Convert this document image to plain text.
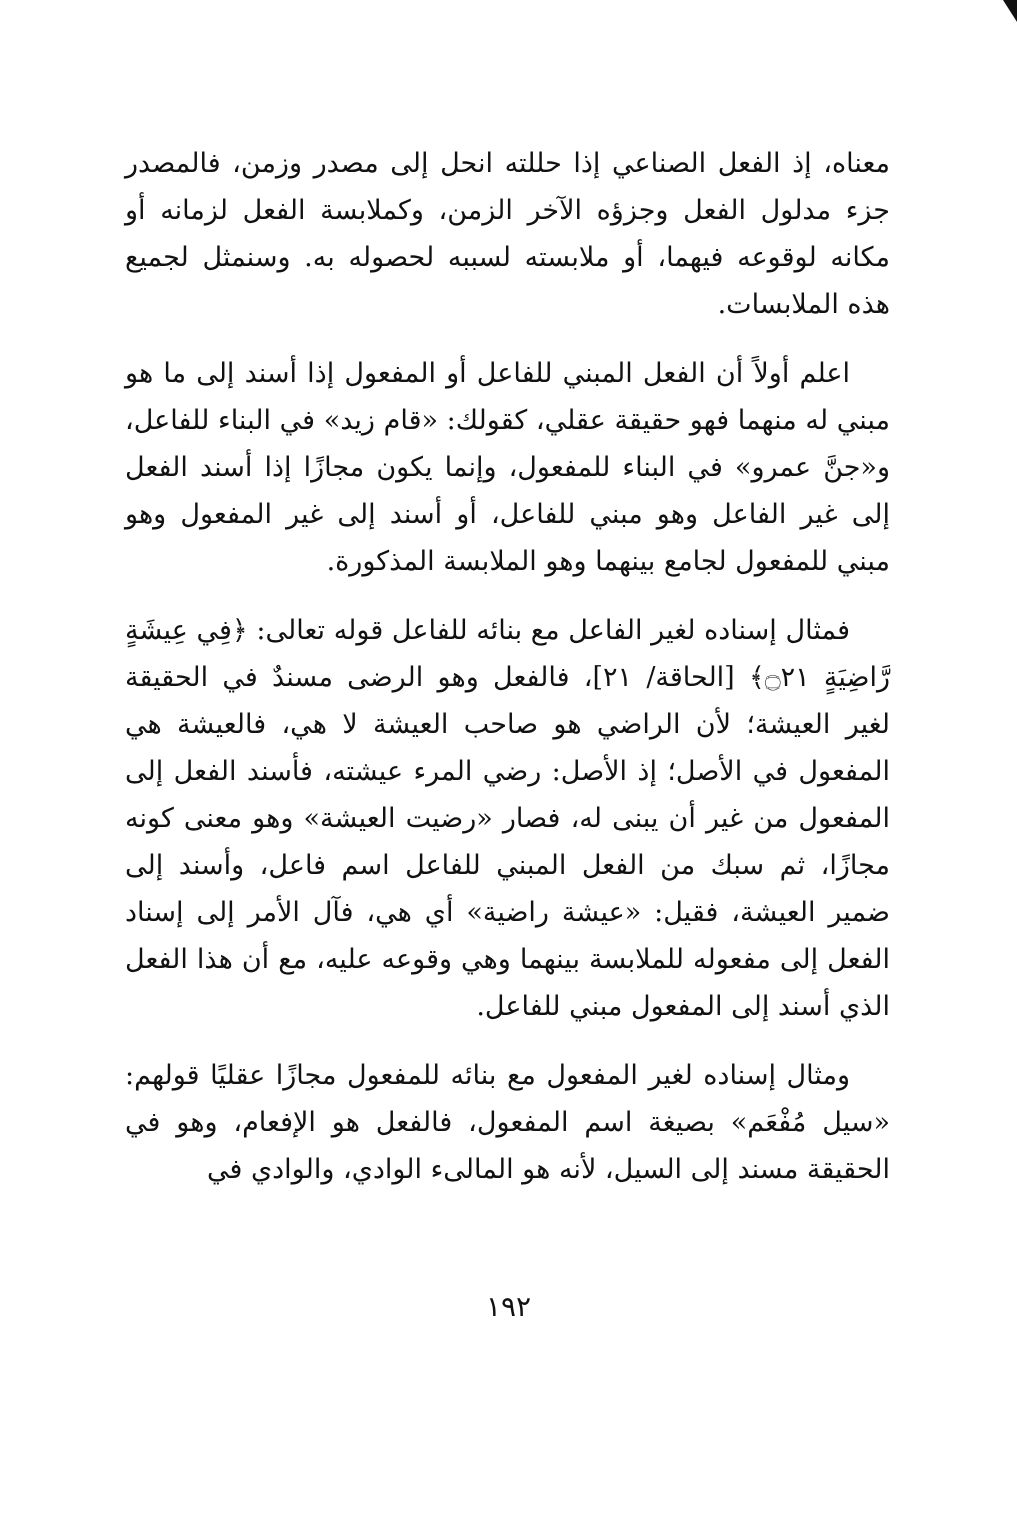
معناه، إذ الفعل الصناعي إذا حللته انحل إلى مصدر وزمن، فالمصدر جزء مدلول الفعل وجزؤه الآخر الزمن، وكملابسة الفعل لزمانه أو مكانه لوقوعه فيهما، أو ملابسته لسببه لحصوله به. وسنمثل لجميع هذه الملابسات.

اعلم أولاً أن الفعل المبني للفاعل أو المفعول إذا أسند إلى ما هو مبني له منهما فهو حقيقة عقلي، كقولك: «قام زيد» في البناء للفاعل، و«جنَّ عمرو» في البناء للمفعول، وإنما يكون مجازًا إذا أسند الفعل إلى غير الفاعل وهو مبني للفاعل، أو أسند إلى غير المفعول وهو مبني للمفعول لجامع بينهما وهو الملابسة المذكورة.

فمثال إسناده لغير الفاعل مع بنائه للفاعل قوله تعالى: ﴿فِي عِيشَةٍ رَّاضِيَةٍ ۝٢١﴾ [الحاقة/ ٢١]، فالفعل وهو الرضى مسندٌ في الحقيقة لغير العيشة؛ لأن الراضي هو صاحب العيشة لا هي، فالعيشة هي المفعول في الأصل؛ إذ الأصل: رضي المرء عيشته، فأسند الفعل إلى المفعول من غير أن يبنى له، فصار «رضيت العيشة» وهو معنى كونه مجازًا، ثم سبك من الفعل المبني للفاعل اسم فاعل، وأسند إلى ضمير العيشة، فقيل: «عيشة راضية» أي هي، فآل الأمر إلى إسناد الفعل إلى مفعوله للملابسة بينهما وهي وقوعه عليه، مع أن هذا الفعل الذي أسند إلى المفعول مبني للفاعل.

ومثال إسناده لغير المفعول مع بنائه للمفعول مجازًا عقليًا قولهم: «سيل مُفْعَم» بصيغة اسم المفعول، فالفعل هو الإفعام، وهو في الحقيقة مسند إلى السيل، لأنه هو المالىء الوادي، والوادي في

١٩٢
